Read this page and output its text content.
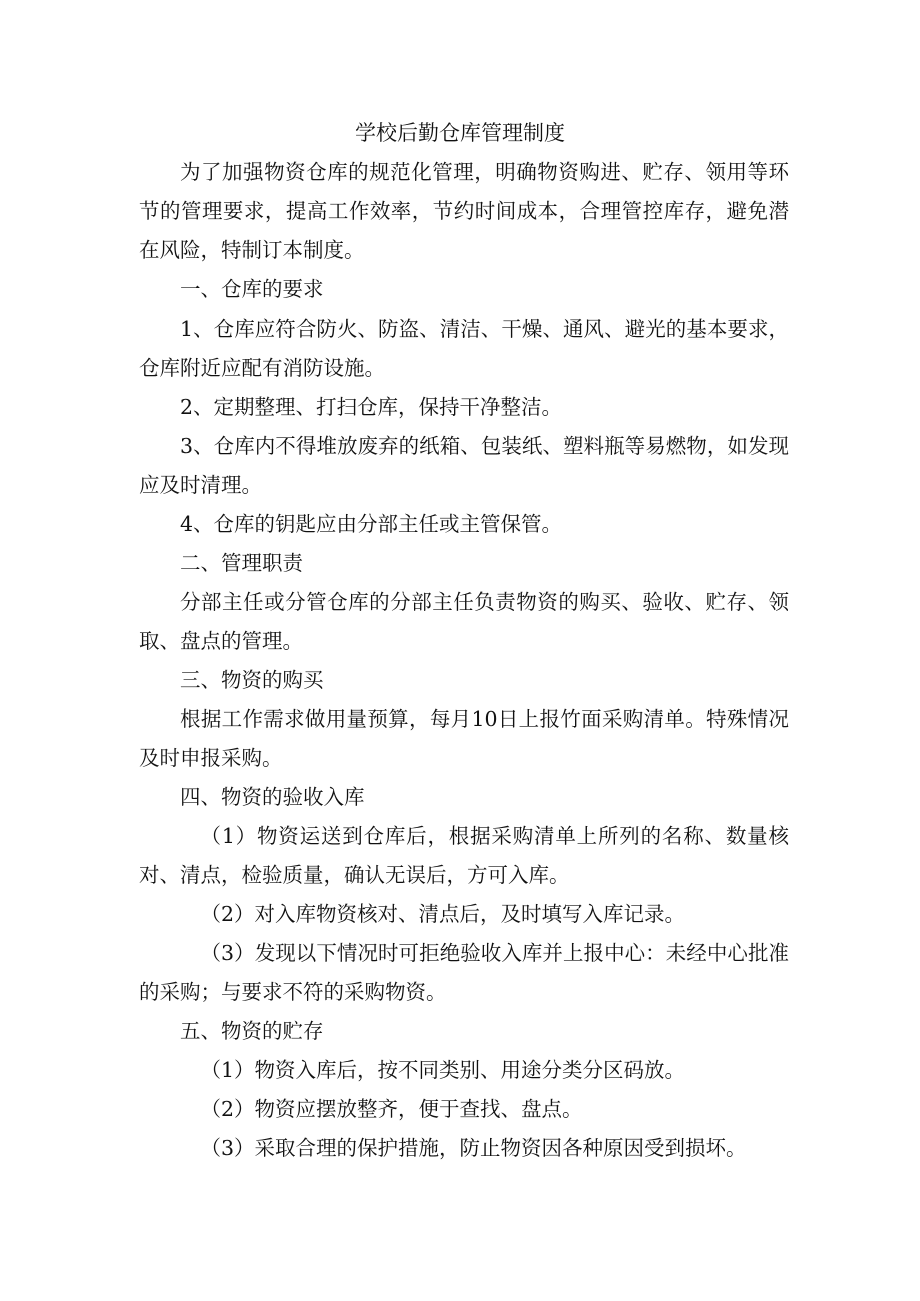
学校后勤仓库管理制度
为了加强物资仓库的规范化管理，明确物资购进、贮存、领用等环节的管理要求，提高工作效率，节约时间成本，合理管控库存，避免潜在风险，特制订本制度。
一、仓库的要求
1、仓库应符合防火、防盗、清洁、干燥、通风、避光的基本要求，仓库附近应配有消防设施。
2、定期整理、打扫仓库，保持干净整洁。
3、仓库内不得堆放废弃的纸箱、包装纸、塑料瓶等易燃物，如发现应及时清理。
4、仓库的钥匙应由分部主任或主管保管。
二、管理职责
分部主任或分管仓库的分部主任负责物资的购买、验收、贮存、领取、盘点的管理。
三、物资的购买
根据工作需求做用量预算，每月10日上报竹面采购清单。特殊情况及时申报采购。
四、物资的验收入库
（1）物资运送到仓库后，根据采购清单上所列的名称、数量核对、清点，检验质量，确认无误后，方可入库。
（2）对入库物资核对、清点后，及时填写入库记录。
（3）发现以下情况时可拒绝验收入库并上报中心：未经中心批准的采购；与要求不符的采购物资。
五、物资的贮存
（1）物资入库后，按不同类别、用途分类分区码放。
（2）物资应摆放整齐，便于查找、盘点。
（3）采取合理的保护措施，防止物资因各种原因受到损坏。
